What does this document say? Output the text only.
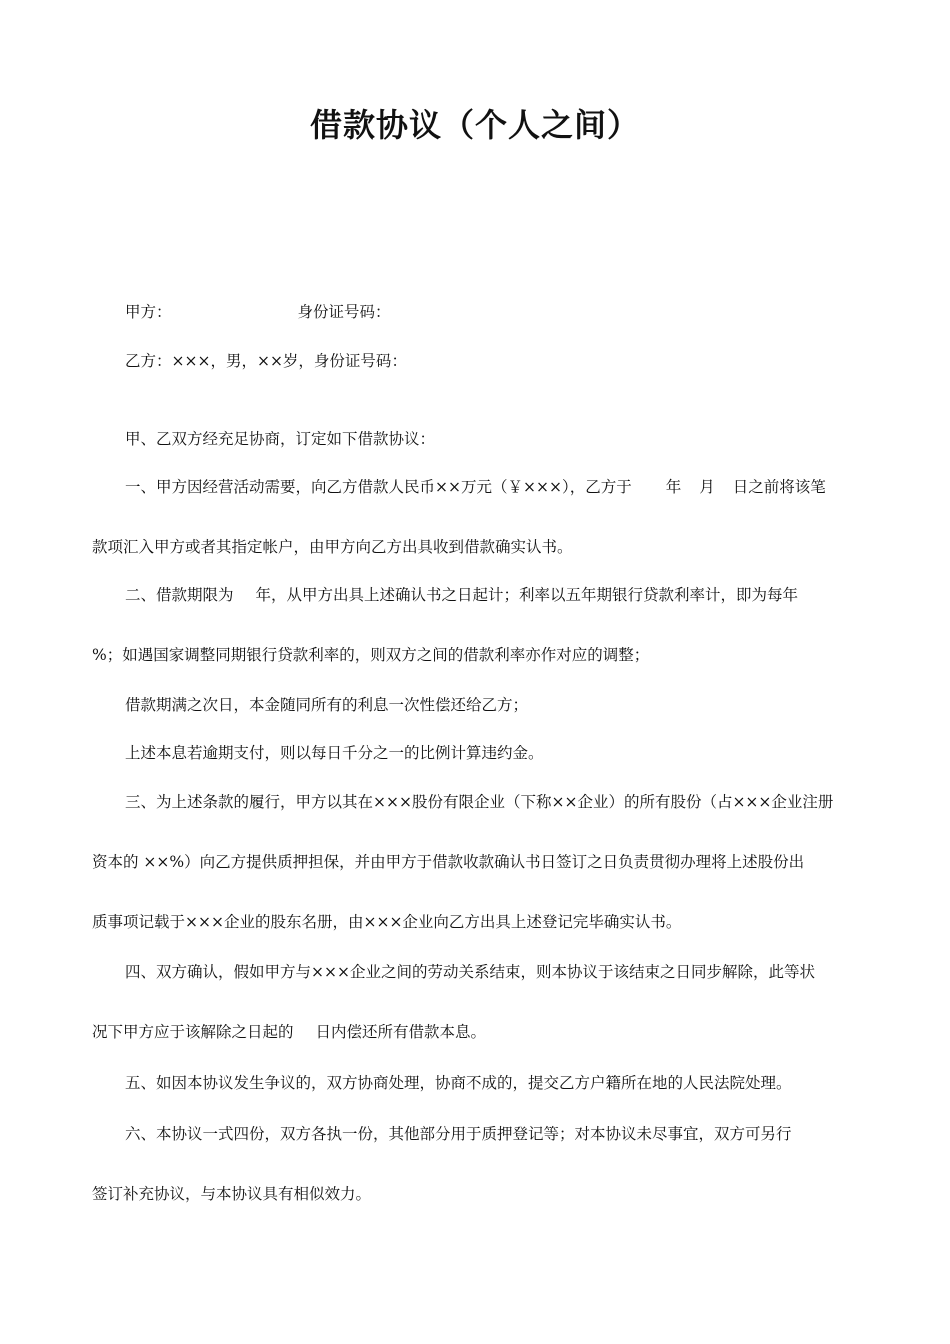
借款协议（个人之间）
甲方：	身份证号码：
乙方：×××，男，××岁，身份证号码：
甲、乙双方经充足协商，订定如下借款协议：
一、甲方因经营活动需要，向乙方借款人民币××万元（￥×××），乙方于 年 月 日之前将该笔
款项汇入甲方或者其指定帐户，由甲方向乙方出具收到借款确实认书。
二、借款期限为 年，从甲方出具上述确认书之日起计；利率以五年期银行贷款利率计，即为每年
%；如遇国家调整同期银行贷款利率的，则双方之间的借款利率亦作对应的调整；
借款期满之次日，本金随同所有的利息一次性偿还给乙方；
上述本息若逾期支付，则以每日千分之一的比例计算违约金。
三、为上述条款的履行，甲方以其在×××股份有限企业（下称××企业）的所有股份（占×××企业注册
资本的 ××%）向乙方提供质押担保，并由甲方于借款收款确认书日签订之日负责贯彻办理将上述股份出
质事项记载于×××企业的股东名册，由×××企业向乙方出具上述登记完毕确实认书。
四、双方确认，假如甲方与×××企业之间的劳动关系结束，则本协议于该结束之日同步解除，此等状
况下甲方应于该解除之日起的 日内偿还所有借款本息。
五、如因本协议发生争议的，双方协商处理，协商不成的，提交乙方户籍所在地的人民法院处理。
六、本协议一式四份，双方各执一份，其他部分用于质押登记等；对本协议未尽事宜，双方可另行
签订补充协议，与本协议具有相似效力。
